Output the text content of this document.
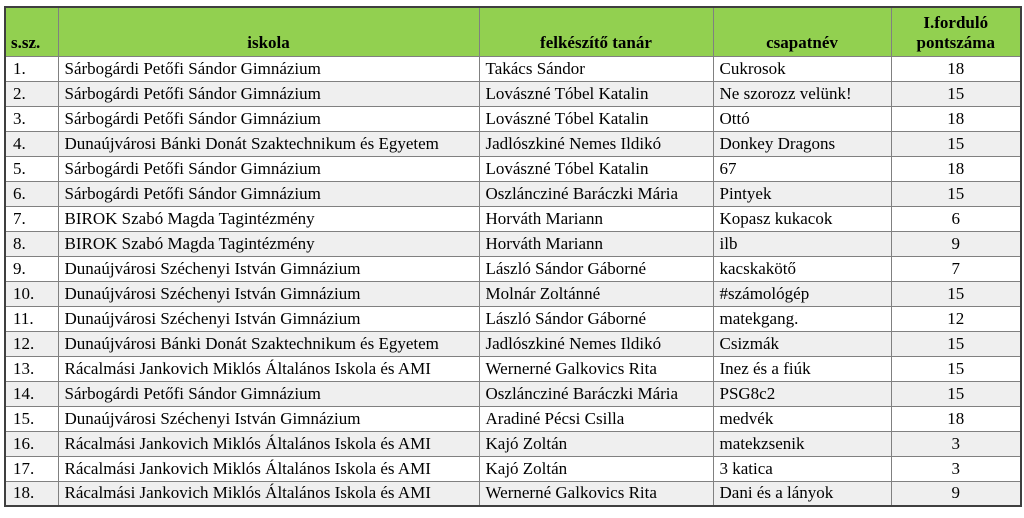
s.sz.	iskola	felkészítő tanár	csapatnév	I.forduló pontszáma
1.	Sárbogárdi Petőfi Sándor Gimnázium	Takács Sándor	Cukrosok	18
2.	Sárbogárdi Petőfi Sándor Gimnázium	Lovászné Tóbel Katalin	Ne szorozz velünk!	15
3.	Sárbogárdi Petőfi Sándor Gimnázium	Lovászné Tóbel Katalin	Ottó	18
4.	Dunaújvárosi Bánki Donát Szaktechnikum és Egyetem	Jadlószkiné Nemes Ildikó	Donkey Dragons	15
5.	Sárbogárdi Petőfi Sándor Gimnázium	Lovászné Tóbel Katalin	67	18
6.	Sárbogárdi Petőfi Sándor Gimnázium	Oszláncziné Baráczki Mária	Pintyek	15
7.	BIROK Szabó Magda Tagintézmény	Horváth Mariann	Kopasz kukacok	6
8.	BIROK Szabó Magda Tagintézmény	Horváth Mariann	ilb	9
9.	Dunaújvárosi Széchenyi István Gimnázium	László Sándor Gáborné	kacskakötő	7
10.	Dunaújvárosi Széchenyi István Gimnázium	Molnár Zoltánné	#számológép	15
11.	Dunaújvárosi Széchenyi István Gimnázium	László Sándor Gáborné	matekgang.	12
12.	Dunaújvárosi Bánki Donát Szaktechnikum és Egyetem	Jadlószkiné Nemes Ildikó	Csizmák	15
13.	Rácalmási Jankovich Miklós Általános Iskola és AMI	Wernerné Galkovics Rita	Inez és a fiúk	15
14.	Sárbogárdi Petőfi Sándor Gimnázium	Oszláncziné Baráczki Mária	PSG8c2	15
15.	Dunaújvárosi Széchenyi István Gimnázium	Aradiné Pécsi Csilla	medvék	18
16.	Rácalmási Jankovich Miklós Általános Iskola és AMI	Kajó Zoltán	matekzsenik	3
17.	Rácalmási Jankovich Miklós Általános Iskola és AMI	Kajó Zoltán	3 katica	3
18.	Rácalmási Jankovich Miklós Általános Iskola és AMI	Wernerné Galkovics Rita	Dani és a lányok	9
